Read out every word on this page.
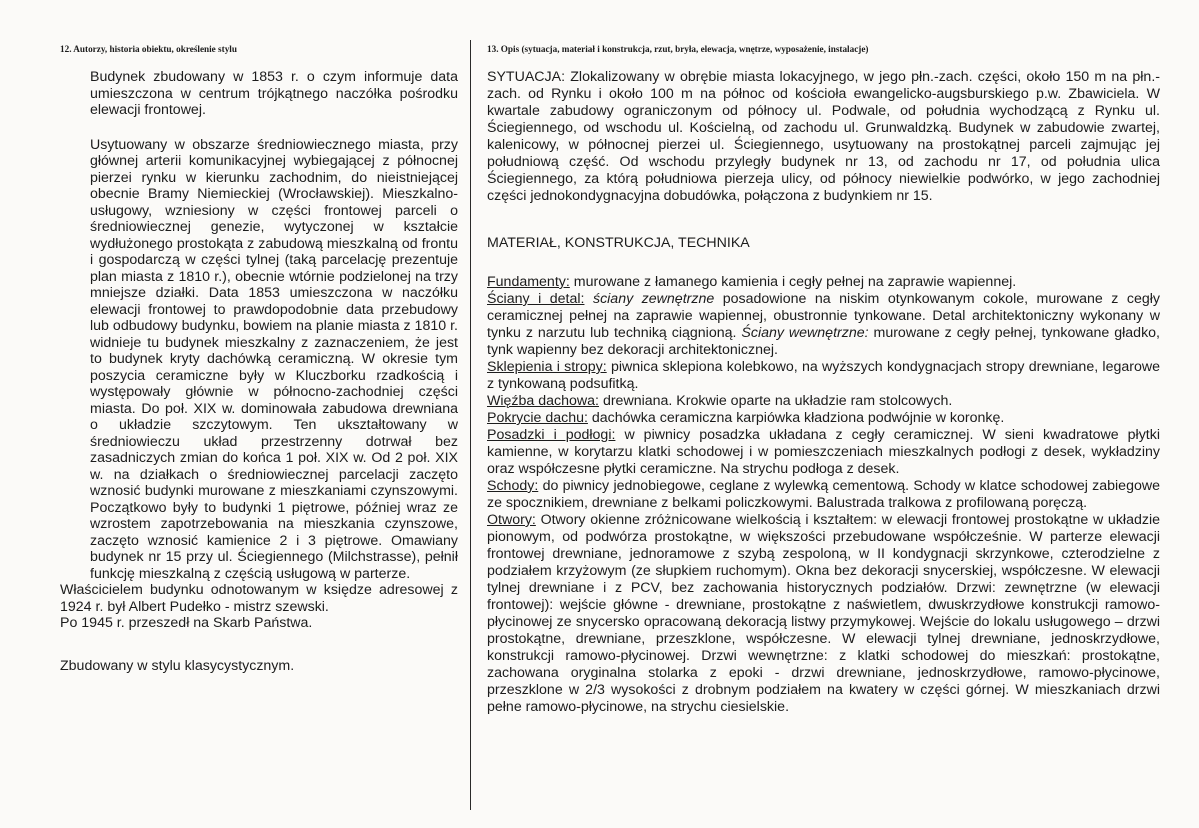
12. Autorzy, historia obiektu, określenie stylu

Budynek zbudowany w 1853 r. o czym informuje data umieszczona w centrum trójkątnego naczółka pośrodku elewacji frontowej.

Usytuowany w obszarze średniowiecznego miasta, przy głównej arterii komunikacyjnej wybiegającej z północnej pierzei rynku w kierunku zachodnim, do nieistniejącej obecnie Bramy Niemieckiej (Wrocławskiej). Mieszkalno-usługowy, wzniesiony w części frontowej parceli o średniowiecznej genezie, wytyczonej w kształcie wydłużonego prostokąta z zabudową mieszkalną od frontu i gospodarczą w części tylnej (taką parcelację prezentuje plan miasta z 1810 r.), obecnie wtórnie podzielonej na trzy mniejsze działki. Data 1853 umieszczona w naczółku elewacji frontowej to prawdopodobnie data przebudowy lub odbudowy budynku, bowiem na planie miasta z 1810 r. widnieje tu budynek mieszkalny z zaznaczeniem, że jest to budynek kryty dachówką ceramiczną. W okresie tym poszycia ceramiczne były w Kluczborku rzadkością i występowały głównie w północno-zachodniej części miasta. Do poł. XIX w. dominowała zabudowa drewniana o układzie szczytowym. Ten ukształtowany w średniowieczu układ przestrzenny dotrwał bez zasadniczych zmian do końca 1 poł. XIX w. Od 2 poł. XIX w. na działkach o średniowiecznej parcelacji zaczęto wznosić budynki murowane z mieszkaniami czynszowymi. Początkowo były to budynki 1 piętrowe, później wraz ze wzrostem zapotrzebowania na mieszkania czynszowe, zaczęto wznosić kamienice 2 i 3 piętrowe. Omawiany budynek nr 15 przy ul. Ściegiennego (Milchstrasse), pełnił funkcję mieszkalną z częścią usługową w parterze.

Właścicielem budynku odnotowanym w księdze adresowej z 1924 r. był Albert Pudełko - mistrz szewski.

Po 1945 r. przeszedł na Skarb Państwa.

Zbudowany w stylu klasycystycznym.

13. Opis (sytuacja, materiał i konstrukcja, rzut, bryła, elewacja, wnętrze, wyposażenie, instalacje)

SYTUACJA: Zlokalizowany w obrębie miasta lokacyjnego, w jego płn.-zach. części, około 150 m na płn.-zach. od Rynku i około 100 m na północ od kościoła ewangelicko-augsburskiego p.w. Zbawiciela. W kwartale zabudowy ograniczonym od północy ul. Podwale, od południa wychodzącą z Rynku ul. Ściegiennego, od wschodu ul. Kościelną, od zachodu ul. Grunwaldzką. Budynek w zabudowie zwartej, kalenicowy, w północnej pierzei ul. Ściegiennego, usytuowany na prostokątnej parceli zajmując jej południową część. Od wschodu przyległy budynek nr 13, od zachodu nr 17, od południa ulica Ściegiennego, za którą południowa pierzeja ulicy, od północy niewielkie podwórko, w jego zachodniej części jednokondygnacyjna dobudówka, połączona z budynkiem nr 15.

MATERIAŁ, KONSTRUKCJA, TECHNIKA

Fundamenty: murowane z łamanego kamienia i cegły pełnej na zaprawie wapiennej.

Ściany i detal: ściany zewnętrzne posadowione na niskim otynkowanym cokole, murowane z cegły ceramicznej pełnej na zaprawie wapiennej, obustronnie tynkowane. Detal architektoniczny wykonany w tynku z narzutu lub techniką ciągnioną. Ściany wewnętrzne: murowane z cegły pełnej, tynkowane gładko, tynk wapienny bez dekoracji architektonicznej.

Sklepienia i stropy: piwnica sklepiona kolebkowo, na wyższych kondygnacjach stropy drewniane, legarowe z tynkowaną podsufitką.

Więźba dachowa: drewniana. Krokwie oparte na układzie ram stolcowych.

Pokrycie dachu: dachówka ceramiczna karpiówka kładziona podwójnie w koronkę.

Posadzki i podłogi: w piwnicy posadzka układana z cegły ceramicznej. W sieni kwadratowe płytki kamienne, w korytarzu klatki schodowej i w pomieszczeniach mieszkalnych podłogi z desek, wykładziny oraz współczesne płytki ceramiczne. Na strychu podłoga z desek.

Schody: do piwnicy jednobiegowe, ceglane z wylewką cementową. Schody w klatce schodowej zabiegowe ze spocznikiem, drewniane z belkami policzkowymi. Balustrada tralkowa z profilowaną poręczą.

Otwory: Otwory okienne zróżnicowane wielkością i kształtem: w elewacji frontowej prostokątne w układzie pionowym, od podwórza prostokątne, w większości przebudowane współcześnie. W parterze elewacji frontowej drewniane, jednoramowe z szybą zespoloną, w II kondygnacji skrzynkowe, czterodzielne z podziałem krzyżowym (ze słupkiem ruchomym). Okna bez dekoracji snycerskiej, współczesne. W elewacji tylnej drewniane i z PCV, bez zachowania historycznych podziałów. Drzwi: zewnętrzne (w elewacji frontowej): wejście główne - drewniane, prostokątne z naświetlem, dwuskrzydłowe konstrukcji ramowo-płycinowej ze snycersko opracowaną dekoracją listwy przymykowej. Wejście do lokalu usługowego – drzwi prostokątne, drewniane, przeszklone, współczesne. W elewacji tylnej drewniane, jednoskrzydłowe, konstrukcji ramowo-płycinowej. Drzwi wewnętrzne: z klatki schodowej do mieszkań: prostokątne, zachowana oryginalna stolarka z epoki - drzwi drewniane, jednoskrzydłowe, ramowo-płycinowe, przeszklone w 2/3 wysokości z drobnym podziałem na kwatery w części górnej. W mieszkaniach drzwi pełne ramowo-płycinowe, na strychu ciesielskie.
